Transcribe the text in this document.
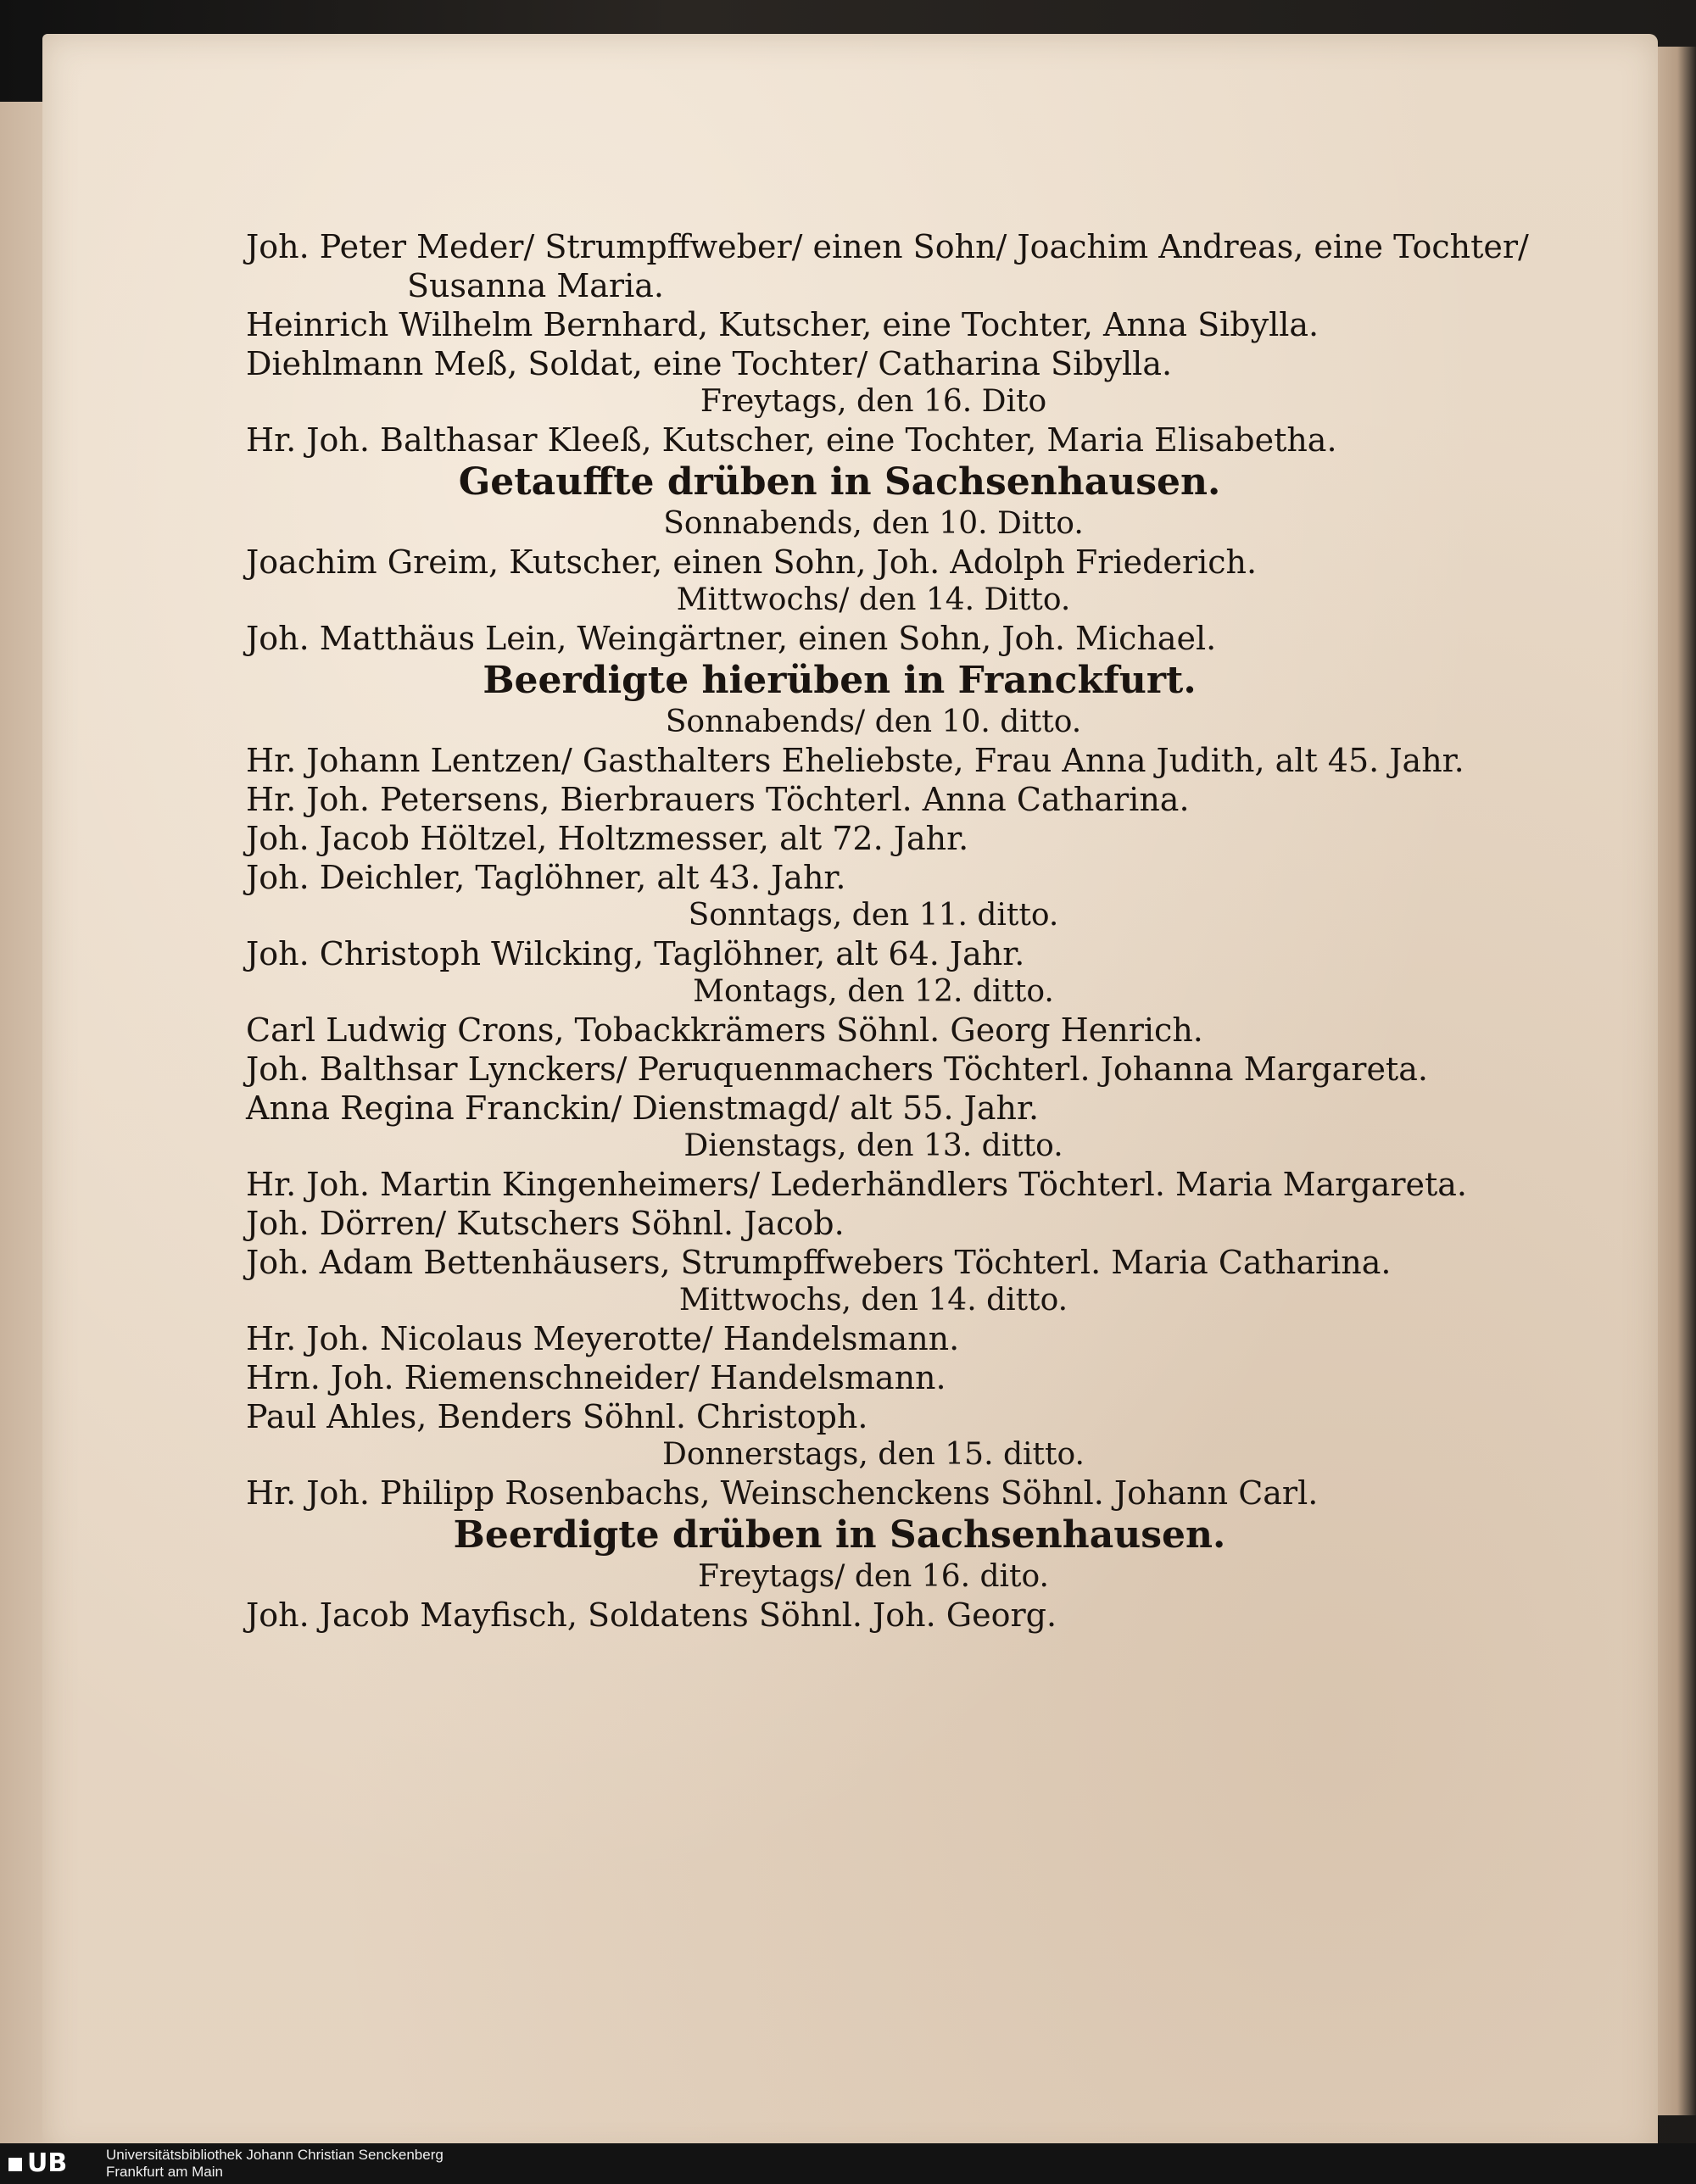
Joh. Peter Meder/ Strumpffweber/ einen Sohn/ Joachim Andreas, eine Tochter/
Susanna Maria.
Heinrich Wilhelm Bernhard, Kutscher, eine Tochter, Anna Sibylla.
Diehlmann Meß, Soldat, eine Tochter/ Catharina Sibylla.
Freytags, den 16. Dito
Hr. Joh. Balthasar Kleeß, Kutscher, eine Tochter, Maria Elisabetha.
Getauffte drüben in Sachsenhausen.
Sonnabends, den 10. Ditto.
Joachim Greim, Kutscher, einen Sohn, Joh. Adolph Friederich.
Mittwochs/ den 14. Ditto.
Joh. Matthäus Lein, Weingärtner, einen Sohn, Joh. Michael.
Beerdigte hierüben in Franckfurt.
Sonnabends/ den 10. ditto.
Hr. Johann Lentzen/ Gasthalters Eheliebste, Frau Anna Judith, alt 45. Jahr.
Hr. Joh. Petersens, Bierbrauers Töchterl. Anna Catharina.
Joh. Jacob Höltzel, Holtzmesser, alt 72. Jahr.
Joh. Deichler, Taglöhner, alt 43. Jahr.
Sonntags, den 11. ditto.
Joh. Christoph Wilcking, Taglöhner, alt 64. Jahr.
Montags, den 12. ditto.
Carl Ludwig Crons, Tobackkrämers Söhnl. Georg Henrich.
Joh. Balthsar Lynckers/ Peruquenmachers Töchterl. Johanna Margareta.
Anna Regina Franckin/ Dienstmagd/ alt 55. Jahr.
Dienstags, den 13. ditto.
Hr. Joh. Martin Kingenheimers/ Lederhändlers Töchterl. Maria Margareta.
Joh. Dörren/ Kutschers Söhnl. Jacob.
Joh. Adam Bettenhäusers, Strumpffwebers Töchterl. Maria Catharina.
Mittwochs, den 14. ditto.
Hr. Joh. Nicolaus Meyerotte/ Handelsmann.
Hrn. Joh. Riemenschneider/ Handelsmann.
Paul Ahles, Benders Söhnl. Christoph.
Donnerstags, den 15. ditto.
Hr. Joh. Philipp Rosenbachs, Weinschenckens Söhnl. Johann Carl.
Beerdigte drüben in Sachsenhausen.
Freytags/ den 16. dito.
Joh. Jacob Mayfisch, Soldatens Söhnl. Joh. Georg.
UB	Universitätsbibliothek Johann Christian Senckenberg
Frankfurt am Main
